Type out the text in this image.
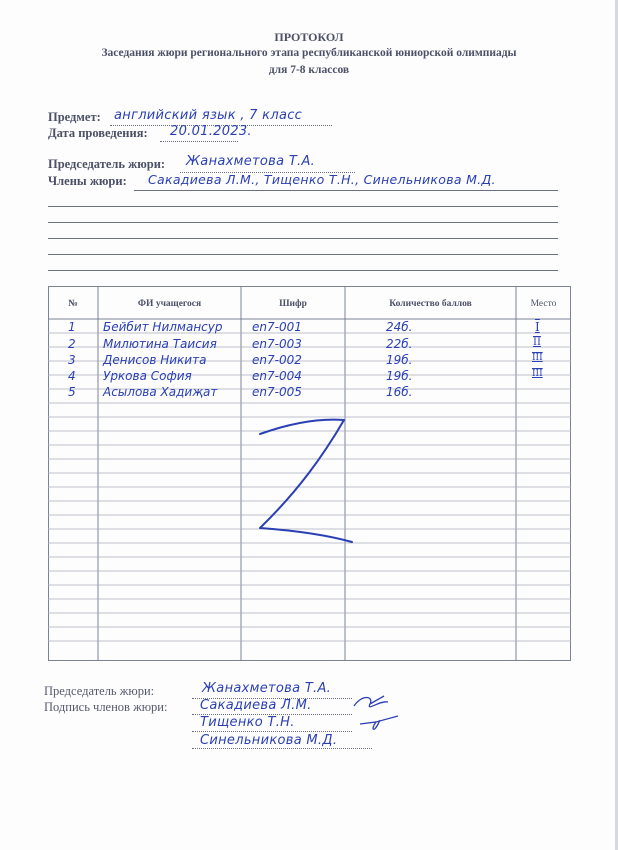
ПРОТОКОЛ
Заседания жюри регионального этапа республиканской юниорской олимпиады
для 7-8 классов
Предмет: английский язык , 7 класс
Дата проведения: 20.01.2023.
Председатель жюри: Жанахметова Т.А.
Члены жюри: Сакадиева Л.М., Тищенко Т.Н., Синельникова М.Д.
№	ФИ учащегося	Шифр	Количество баллов	Место
1 Бейбит Нилмансур en7-001	24б.	I
2 Милютина Таисия	en7-003	22б.	II
3 Денисов Никита	en7-002	19б.	III
4 Уркова София	en7-004	19б.	III
5 Асылова Хадиҗат	en7-005	16б.
Председатель жюри:	Жанахметова Т.А.
Подпись членов жюри:	Сакадиева Л.М.
Тищенко Т.Н.
Синельникова М.Д.
